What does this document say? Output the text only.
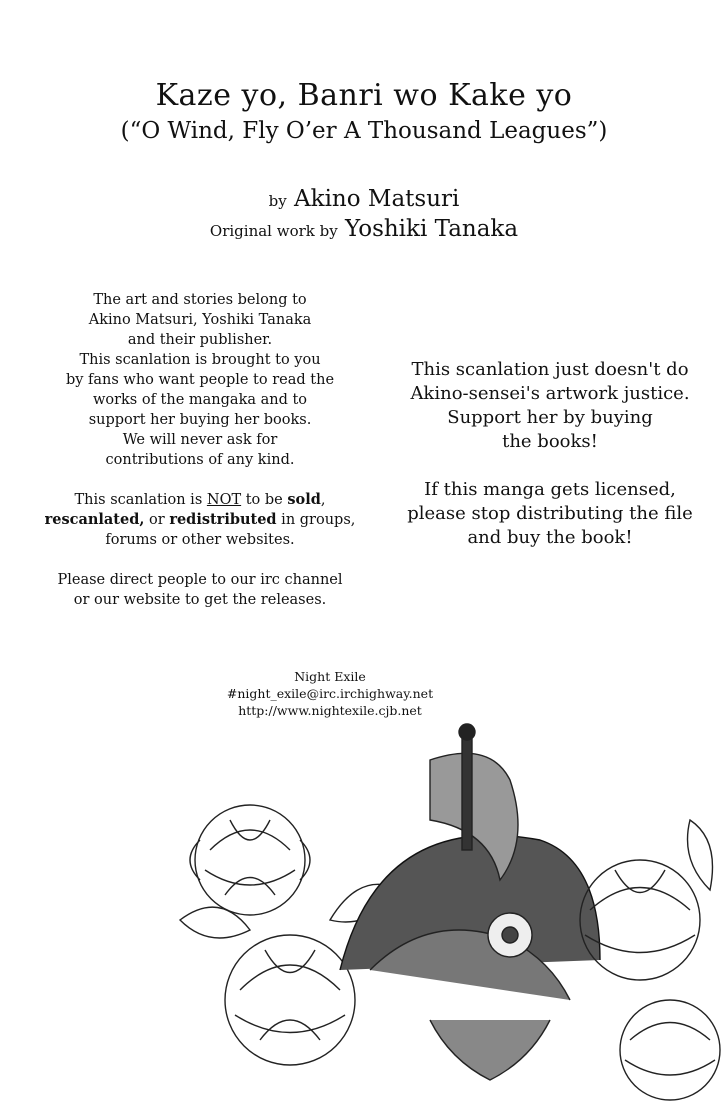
Kaze yo, Banri wo Kake yo
(“O Wind, Fly O’er A Thousand Leagues”)
by Akino Matsuri
Original work by Yoshiki Tanaka

The art and stories belong to
Akino Matsuri, Yoshiki Tanaka
and their publisher.
This scanlation is brought to you
by fans who want people to read the
works of the mangaka and to
support her buying her books.
We will never ask for
contributions of any kind.

This scanlation is NOT to be sold,
rescanlated, or redistributed in groups,
forums or other websites.

Please direct people to our irc channel
or our website to get the releases.

This scanlation just doesn't do
Akino-sensei's artwork justice.
Support her by buying
the books!

If this manga gets licensed,
please stop distributing the file
and buy the book!

Night Exile
#night_exile@irc.irchighway.net
http://www.nightexile.cjb.net
